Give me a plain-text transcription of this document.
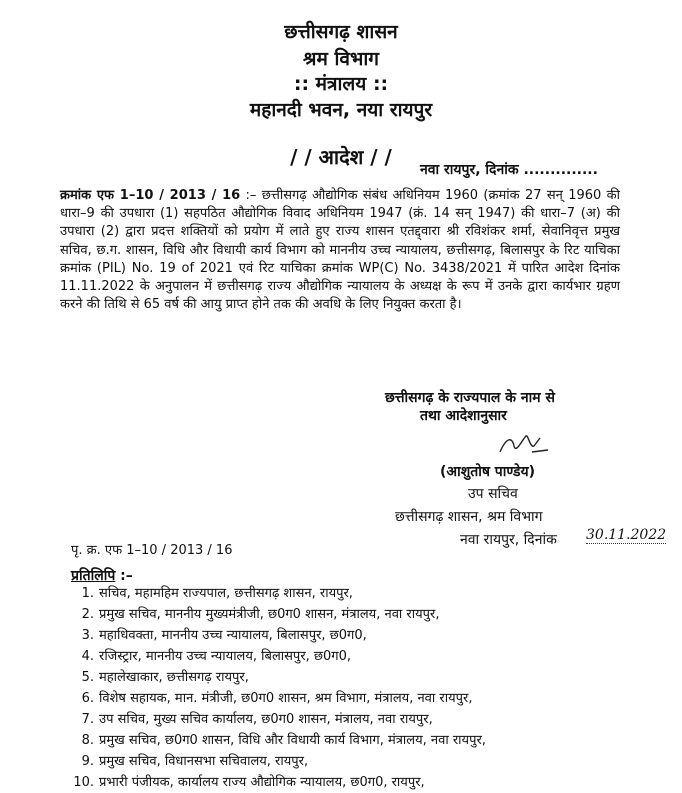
छत्तीसगढ़ शासन
श्रम विभाग
:: मंत्रालय ::
महानदी भवन, नया रायपुर
/ / आदेश / /
नवा रायपुर, दिनांक ..............

क्रमांक एफ 1–10 / 2013 / 16 :– छत्तीसगढ़ औद्योगिक संबंध अधिनियम 1960 (क्रमांक 27 सन् 1960 की धारा–9 की उपधारा (1) सहपठित औद्योगिक विवाद अधिनियम 1947 (क्रं. 14 सन् 1947) की धारा–7 (अ) की उपधारा (2) द्वारा प्रदत्त शक्तियों को प्रयोग में लाते हुए राज्य शासन एतद्द्वारा श्री रविशंकर शर्मा, सेवानिवृत्त प्रमुख सचिव, छ.ग. शासन, विधि और विधायी कार्य विभाग को माननीय उच्च न्यायालय, छत्तीसगढ़, बिलासपुर के रिट याचिका क्रमांक (PIL) No. 19 of 2021 एवं रिट याचिका क्रमांक WP(C) No. 3438/2021 में पारित आदेश दिनांक 11.11.2022 के अनुपालन में छत्तीसगढ़ राज्य औद्योगिक न्यायालय के अध्यक्ष के रूप में उनके द्वारा कार्यभार ग्रहण करने की तिथि से 65 वर्ष की आयु प्राप्त होने तक की अवधि के लिए नियुक्त करता है।

छत्तीसगढ़ के राज्यपाल के नाम से
तथा आदेशानुसार
(आशुतोष पाण्डेय)
उप सचिव
छत्तीसगढ़ शासन, श्रम विभाग
नवा रायपुर, दिनांक 30.11.2022
पृ. क्र. एफ 1–10 / 2013 / 16
प्रतिलिपि :–
1. सचिव, महामहिम राज्यपाल, छत्तीसगढ़ शासन, रायपुर,
2. प्रमुख सचिव, माननीय मुख्यमंत्रीजी, छ0ग0 शासन, मंत्रालय, नवा रायपुर,
3. महाधिवक्ता, माननीय उच्च न्यायालय, बिलासपुर, छ0ग0,
4. रजिस्ट्रार, माननीय उच्च न्यायालय, बिलासपुर, छ0ग0,
5. महालेखाकार, छत्तीसगढ़ रायपुर,
6. विशेष सहायक, मान. मंत्रीजी, छ0ग0 शासन, श्रम विभाग, मंत्रालय, नवा रायपुर,
7. उप सचिव, मुख्य सचिव कार्यालय, छ0ग0 शासन, मंत्रालय, नवा रायपुर,
8. प्रमुख सचिव, छ0ग0 शासन, विधि और विधायी कार्य विभाग, मंत्रालय, नवा रायपुर,
9. प्रमुख सचिव, विधानसभा सचिवालय, रायपुर,
10. प्रभारी पंजीयक, कार्यालय राज्य औद्योगिक न्यायालय, छ0ग0, रायपुर,
